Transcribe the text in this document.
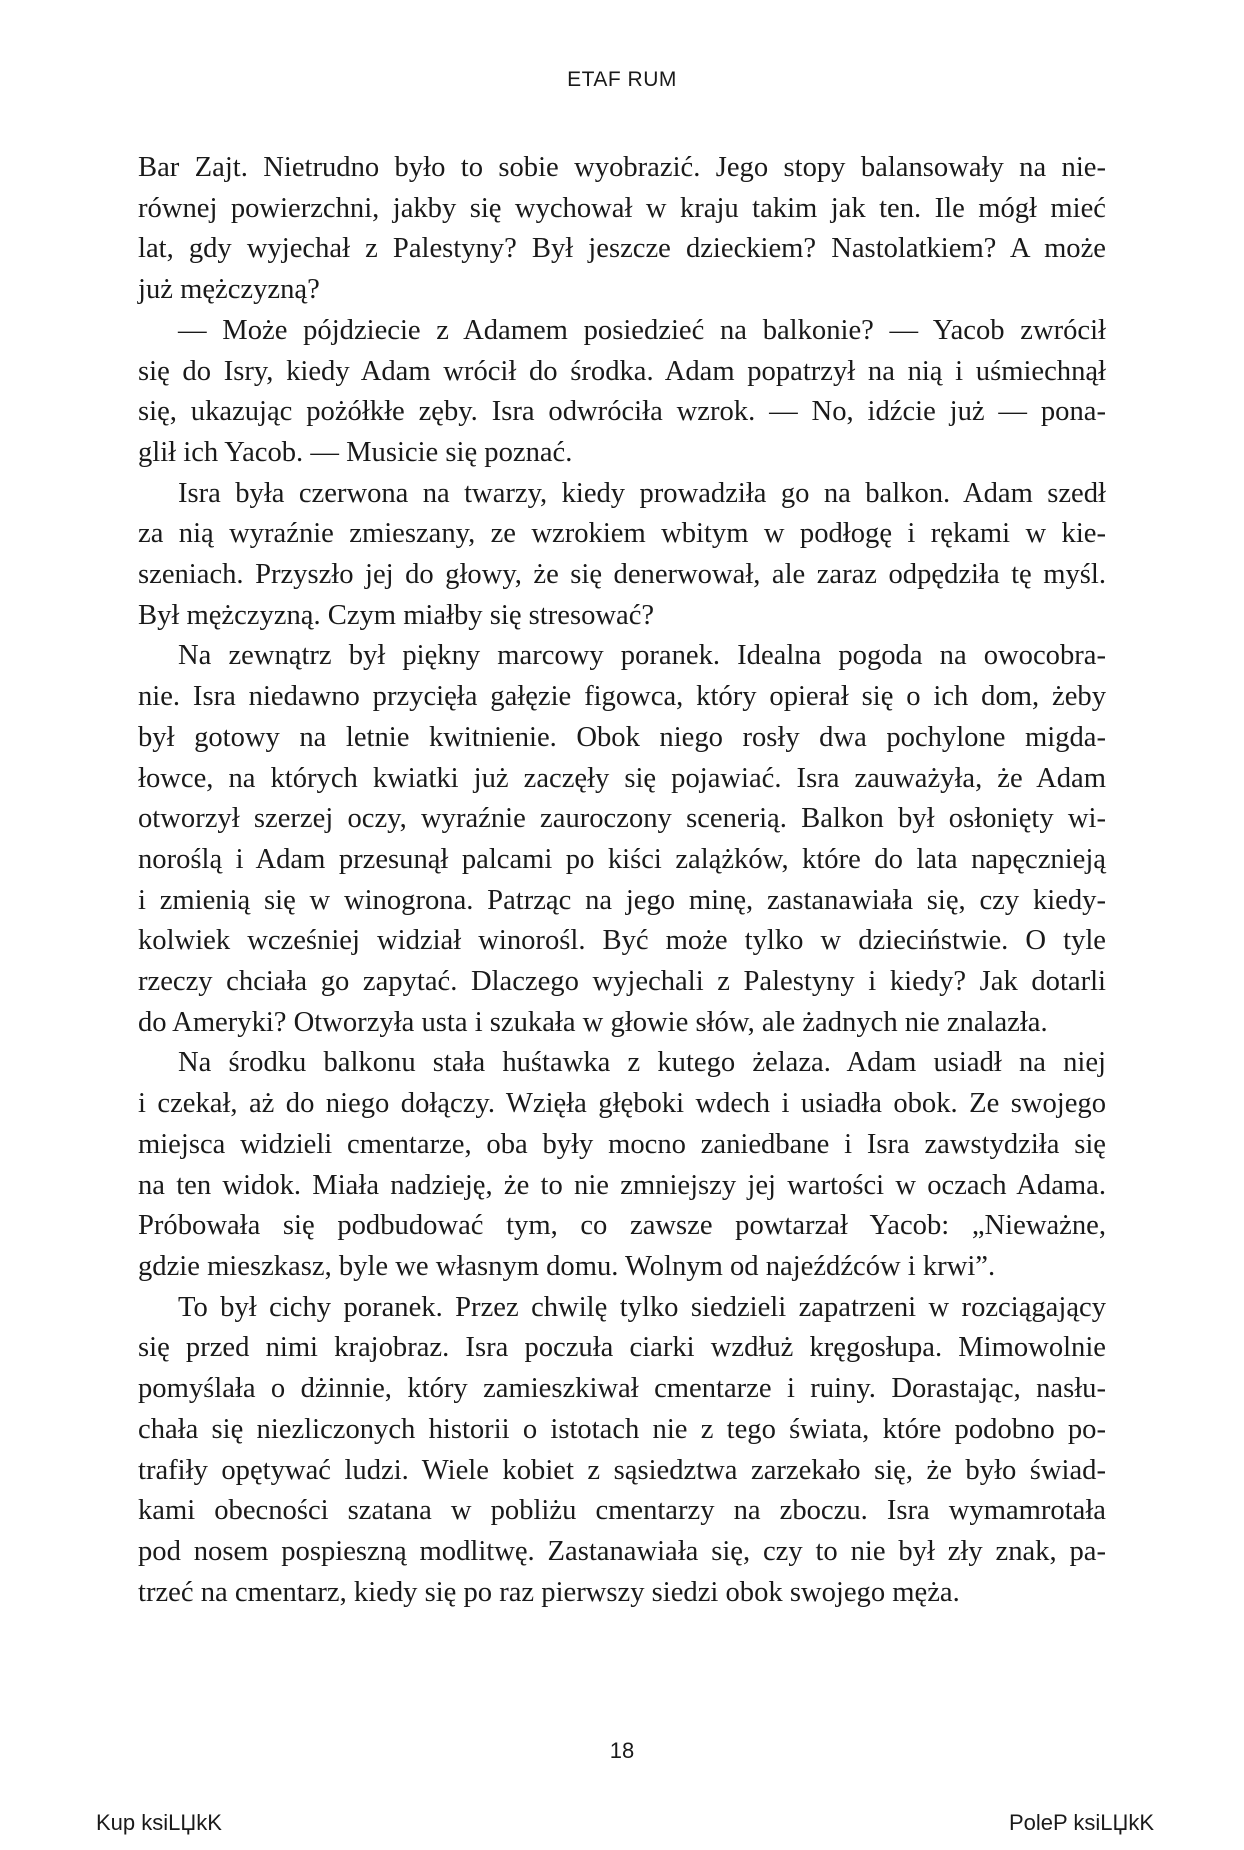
ETAF RUM
Bar Zajt. Nietrudno było to sobie wyobrazić. Jego stopy balansowały na nie-
równej powierzchni, jakby się wychował w kraju takim jak ten. Ile mógł mieć
lat, gdy wyjechał z Palestyny? Był jeszcze dzieckiem? Nastolatkiem? A może
już mężczyzną?
— Może pójdziecie z Adamem posiedzieć na balkonie? — Yacob zwrócił
się do Isry, kiedy Adam wrócił do środka. Adam popatrzył na nią i uśmiechnął
się, ukazując pożółkłe zęby. Isra odwróciła wzrok. — No, idźcie już — pona-
glił ich Yacob. — Musicie się poznać.
Isra była czerwona na twarzy, kiedy prowadziła go na balkon. Adam szedł
za nią wyraźnie zmieszany, ze wzrokiem wbitym w podłogę i rękami w kie-
szeniach. Przyszło jej do głowy, że się denerwował, ale zaraz odpędziła tę myśl.
Był mężczyzną. Czym miałby się stresować?
Na zewnątrz był piękny marcowy poranek. Idealna pogoda na owocobra-
nie. Isra niedawno przycięła gałęzie figowca, który opierał się o ich dom, żeby
był gotowy na letnie kwitnienie. Obok niego rosły dwa pochylone migda-
łowce, na których kwiatki już zaczęły się pojawiać. Isra zauważyła, że Adam
otworzył szerzej oczy, wyraźnie zauroczony scenerią. Balkon był osłonięty wi-
noroślą i Adam przesunął palcami po kiści zalążków, które do lata napęcznieją
i zmienią się w winogrona. Patrząc na jego minę, zastanawiała się, czy kiedy-
kolwiek wcześniej widział winorośl. Być może tylko w dzieciństwie. O tyle
rzeczy chciała go zapytać. Dlaczego wyjechali z Palestyny i kiedy? Jak dotarli
do Ameryki? Otworzyła usta i szukała w głowie słów, ale żadnych nie znalazła.
Na środku balkonu stała huśtawka z kutego żelaza. Adam usiadł na niej
i czekał, aż do niego dołączy. Wzięła głęboki wdech i usiadła obok. Ze swojego
miejsca widzieli cmentarze, oba były mocno zaniedbane i Isra zawstydziła się
na ten widok. Miała nadzieję, że to nie zmniejszy jej wartości w oczach Adama.
Próbowała się podbudować tym, co zawsze powtarzał Yacob: „Nieważne,
gdzie mieszkasz, byle we własnym domu. Wolnym od najeźdźców i krwi”.
To był cichy poranek. Przez chwilę tylko siedzieli zapatrzeni w rozciągający
się przed nimi krajobraz. Isra poczuła ciarki wzdłuż kręgosłupa. Mimowolnie
pomyślała o dżinnie, który zamieszkiwał cmentarze i ruiny. Dorastając, nasłu-
chała się niezliczonych historii o istotach nie z tego świata, które podobno po-
trafiły opętywać ludzi. Wiele kobiet z sąsiedztwa zarzekało się, że było świad-
kami obecności szatana w pobliżu cmentarzy na zboczu. Isra wymamrotała
pod nosem pospieszną modlitwę. Zastanawiała się, czy to nie był zły znak, pa-
trzeć na cmentarz, kiedy się po raz pierwszy siedzi obok swojego męża.
18
Kup ksiLЏkK	PoleP ksiLЏkK
